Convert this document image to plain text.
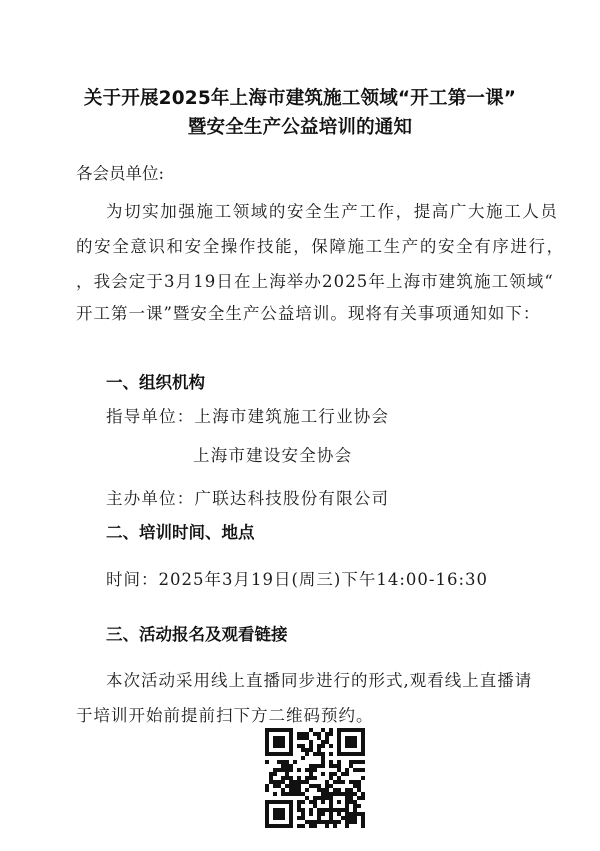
关于开展2025年上海市建筑施工领域“开工第一课”
暨安全生产公益培训的通知
各会员单位:
为切实加强施工领域的安全生产工作，提高广大施工人员
的安全意识和安全操作技能，保障施工生产的安全有序进行，
，我会定于3月19日在上海举办2025年上海市建筑施工领域“
开工第一课”暨安全生产公益培训。现将有关事项通知如下：
一、组织机构
指导单位：上海市建筑施工行业协会
上海市建设安全协会
主办单位：广联达科技股份有限公司
二、培训时间、地点
时间：2025年3月19日(周三)下午14:00-16:30
三、活动报名及观看链接
本次活动采用线上直播同步进行的形式,观看线上直播请
于培训开始前提前扫下方二维码预约。
